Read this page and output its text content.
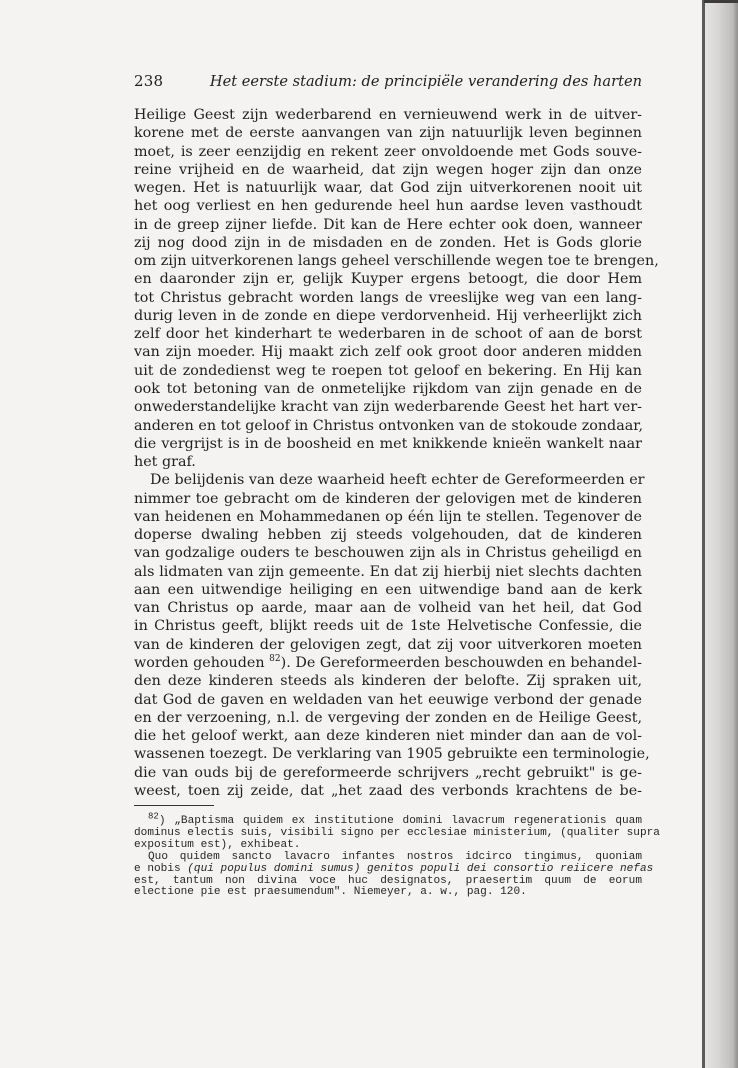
238	Het eerste stadium: de principiële verandering des harten
Heilige Geest zijn wederbarend en vernieuwend werk in de uitver-
korene met de eerste aanvangen van zijn natuurlijk leven beginnen
moet, is zeer eenzijdig en rekent zeer onvoldoende met Gods souve-
reine vrijheid en de waarheid, dat zijn wegen hoger zijn dan onze
wegen. Het is natuurlijk waar, dat God zijn uitverkorenen nooit uit
het oog verliest en hen gedurende heel hun aardse leven vasthoudt
in de greep zijner liefde. Dit kan de Here echter ook doen, wanneer
zij nog dood zijn in de misdaden en de zonden. Het is Gods glorie
om zijn uitverkorenen langs geheel verschillende wegen toe te brengen,
en daaronder zijn er, gelijk Kuyper ergens betoogt, die door Hem
tot Christus gebracht worden langs de vreeslijke weg van een lang-
durig leven in de zonde en diepe verdorvenheid. Hij verheerlijkt zich
zelf door het kinderhart te wederbaren in de schoot of aan de borst
van zijn moeder. Hij maakt zich zelf ook groot door anderen midden
uit de zondedienst weg te roepen tot geloof en bekering. En Hij kan
ook tot betoning van de onmetelijke rijkdom van zijn genade en de
onwederstandelijke kracht van zijn wederbarende Geest het hart ver-
anderen en tot geloof in Christus ontvonken van de stokoude zondaar,
die vergrijst is in de boosheid en met knikkende knieën wankelt naar
het graf.
De belijdenis van deze waarheid heeft echter de Gereformeerden er
nimmer toe gebracht om de kinderen der gelovigen met de kinderen
van heidenen en Mohammedanen op één lijn te stellen. Tegenover de
doperse dwaling hebben zij steeds volgehouden, dat de kinderen
van godzalige ouders te beschouwen zijn als in Christus geheiligd en
als lidmaten van zijn gemeente. En dat zij hierbij niet slechts dachten
aan een uitwendige heiliging en een uitwendige band aan de kerk
van Christus op aarde, maar aan de volheid van het heil, dat God
in Christus geeft, blijkt reeds uit de 1ste Helvetische Confessie, die
van de kinderen der gelovigen zegt, dat zij voor uitverkoren moeten
worden gehouden $^{82}$). De Gereformeerden beschouwden en behandel-
den deze kinderen steeds als kinderen der belofte. Zij spraken uit,
dat God de gaven en weldaden van het eeuwige verbond der genade
en der verzoening, n.l. de vergeving der zonden en de Heilige Geest,
die het geloof werkt, aan deze kinderen niet minder dan aan de vol-
wassenen toezegt. De verklaring van 1905 gebruikte een terminologie,
die van ouds bij de gereformeerde schrijvers „recht gebruikt" is ge-
weest, toen zij zeide, dat „het zaad des verbonds krachtens de be-
$^{82}$) „Baptisma quidem ex institutione domini lavacrum regenerationis quam
dominus electis suis, visibili signo per ecclesiae ministerium, (qualiter supra
expositum est), exhibeat.
Quo quidem sancto lavacro infantes nostros idcirco tingimus, quoniam
e nobis (qui populus domini sumus) genitos populi dei consortio reiicere nefas
est, tantum non divina voce huc designatos, praesertim quum de eorum
electione pie est praesumendum". Niemeyer, a. w., pag. 120.
